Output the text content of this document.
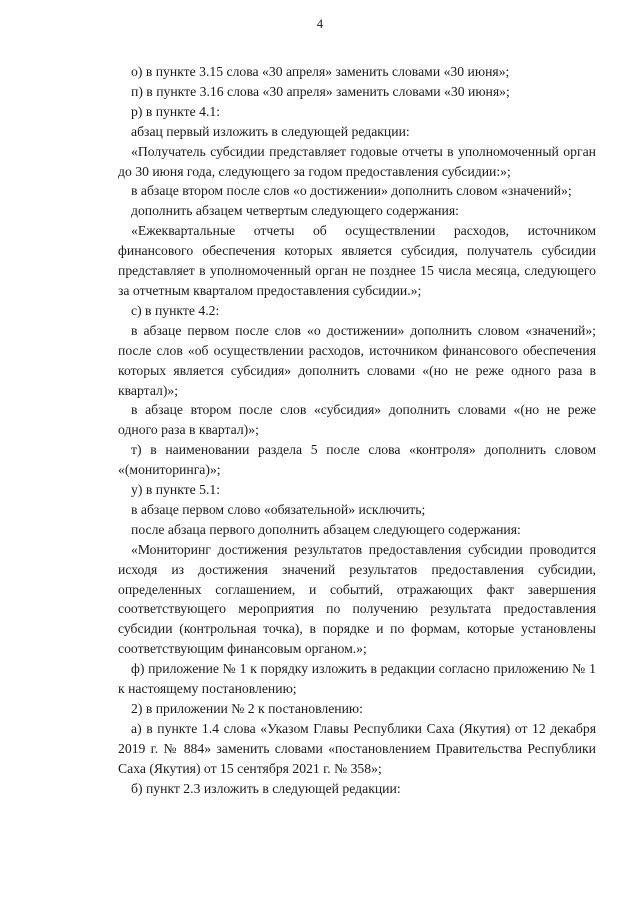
4

о) в пункте 3.15 слова «30 апреля» заменить словами «30 июня»;

п) в пункте 3.16 слова «30 апреля» заменить словами «30 июня»;

р) в пункте 4.1:

абзац первый изложить в следующей редакции:

«Получатель субсидии представляет годовые отчеты в уполномоченный орган до 30 июня года, следующего за годом предоставления субсидии:»;

в абзаце втором после слов «о достижении» дополнить словом «значений»;

дополнить абзацем четвертым следующего содержания:

«Ежеквартальные отчеты об осуществлении расходов, источником финансового обеспечения которых является субсидия, получатель субсидии представляет в уполномоченный орган не позднее 15 числа месяца, следующего за отчетным кварталом предоставления субсидии.»;

с) в пункте 4.2:

в абзаце первом после слов «о достижении» дополнить словом «значений»; после слов «об осуществлении расходов, источником финансового обеспечения которых является субсидия» дополнить словами «(но не реже одного раза в квартал)»;

в абзаце втором после слов «субсидия» дополнить словами «(но не реже одного раза в квартал)»;

т) в наименовании раздела 5 после слова «контроля» дополнить словом «(мониторинга)»;

у) в пункте 5.1:

в абзаце первом слово «обязательной» исключить;

после абзаца первого дополнить абзацем следующего содержания:

«Мониторинг достижения результатов предоставления субсидии проводится исходя из достижения значений результатов предоставления субсидии, определенных соглашением, и событий, отражающих факт завершения соответствующего мероприятия по получению результата предоставления субсидии (контрольная точка), в порядке и по формам, которые установлены соответствующим финансовым органом.»;

ф) приложение № 1 к порядку изложить в редакции согласно приложению № 1 к настоящему постановлению;

2) в приложении № 2 к постановлению:

а) в пункте 1.4 слова «Указом Главы Республики Саха (Якутия) от 12 декабря 2019 г. № 884» заменить словами «постановлением Правительства Республики Саха (Якутия) от 15 сентября 2021 г. № 358»;

б) пункт 2.3 изложить в следующей редакции:
